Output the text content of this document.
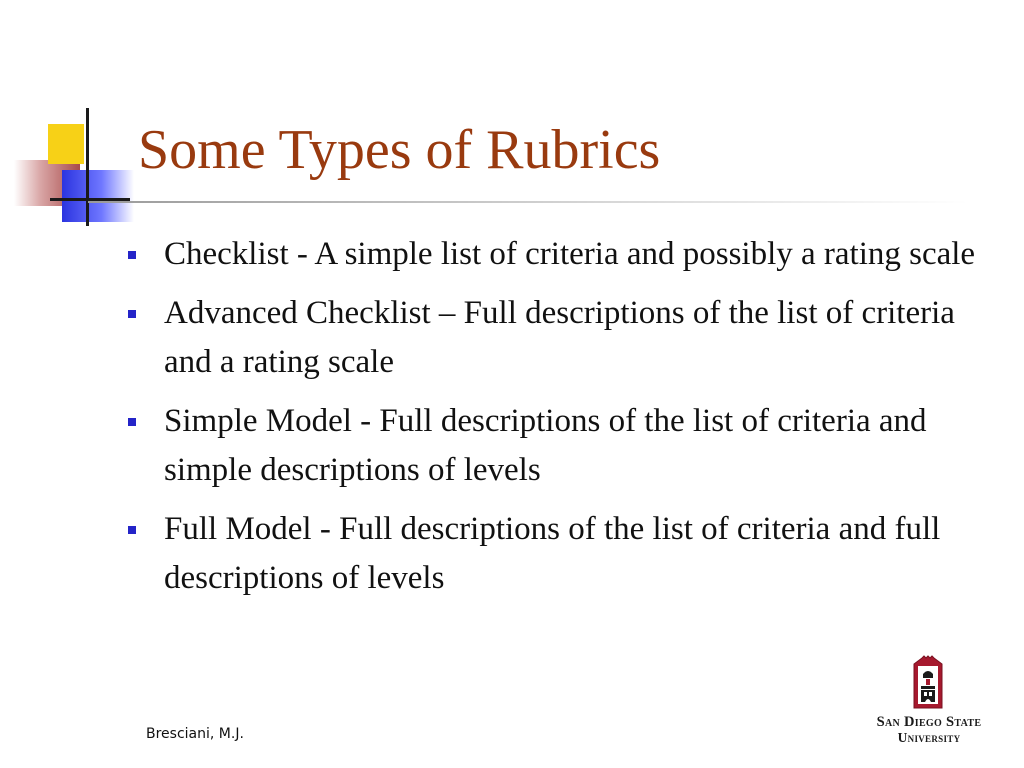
Some Types of Rubrics
Checklist - A simple list of criteria and possibly a rating scale
Advanced Checklist – Full descriptions of the list of criteria and a rating scale
Simple Model - Full descriptions of the list of criteria and simple descriptions of levels
Full Model - Full descriptions of the list of criteria and full descriptions of levels
Bresciani, M.J.
San Diego State
University
